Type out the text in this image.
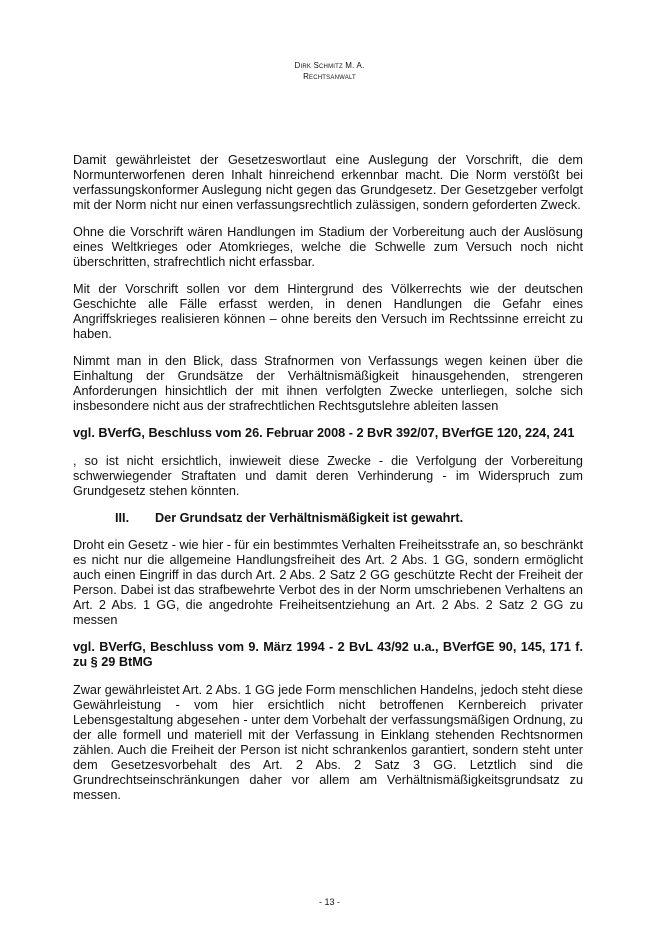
Dirk Schmitz M. A.
Rechtsanwalt

Damit gewährleistet der Gesetzeswortlaut eine Auslegung der Vorschrift, die dem Normunterworfenen deren Inhalt hinreichend erkennbar macht. Die Norm verstößt bei verfassungskonformer Auslegung nicht gegen das Grundgesetz. Der Gesetzgeber verfolgt mit der Norm nicht nur einen verfassungsrechtlich zulässigen, sondern geforderten Zweck.

Ohne die Vorschrift wären Handlungen im Stadium der Vorbereitung auch der Auslösung eines Weltkrieges oder Atomkrieges, welche die Schwelle zum Versuch noch nicht überschritten, strafrechtlich nicht erfassbar.

Mit der Vorschrift sollen vor dem Hintergrund des Völkerrechts wie der deutschen Geschichte alle Fälle erfasst werden, in denen Handlungen die Gefahr eines Angriffskrieges realisieren können – ohne bereits den Versuch im Rechtssinne erreicht zu haben.

Nimmt man in den Blick, dass Strafnormen von Verfassungs wegen keinen über die Einhaltung der Grundsätze der Verhältnismäßigkeit hinausgehenden, strengeren Anforderungen hinsichtlich der mit ihnen verfolgten Zwecke unterliegen, solche sich insbesondere nicht aus der strafrechtlichen Rechtsgutslehre ableiten lassen

vgl. BVerfG, Beschluss vom 26. Februar 2008 - 2 BvR 392/07, BVerfGE 120, 224, 241

, so ist nicht ersichtlich, inwieweit diese Zwecke - die Verfolgung der Vorbereitung schwerwiegender Straftaten und damit deren Verhinderung - im Widerspruch zum Grundgesetz stehen könnten.

III.	Der Grundsatz der Verhältnismäßigkeit ist gewahrt.

Droht ein Gesetz - wie hier - für ein bestimmtes Verhalten Freiheitsstrafe an, so beschränkt es nicht nur die allgemeine Handlungsfreiheit des Art. 2 Abs. 1 GG, sondern ermöglicht auch einen Eingriff in das durch Art. 2 Abs. 2 Satz 2 GG geschützte Recht der Freiheit der Person. Dabei ist das strafbewehrte Verbot des in der Norm umschriebenen Verhaltens an Art. 2 Abs. 1 GG, die angedrohte Freiheitsentziehung an Art. 2 Abs. 2 Satz 2 GG zu messen

vgl. BVerfG, Beschluss vom 9. März 1994 - 2 BvL 43/92 u.a., BVerfGE 90, 145, 171 f. zu § 29 BtMG

Zwar gewährleistet Art. 2 Abs. 1 GG jede Form menschlichen Handelns, jedoch steht diese Gewährleistung - vom hier ersichtlich nicht betroffenen Kernbereich privater Lebensgestaltung abgesehen - unter dem Vorbehalt der verfassungsmäßigen Ordnung, zu der alle formell und materiell mit der Verfassung in Einklang stehenden Rechtsnormen zählen. Auch die Freiheit der Person ist nicht schrankenlos garantiert, sondern steht unter dem Gesetzesvorbehalt des Art. 2 Abs. 2 Satz 3 GG. Letztlich sind die Grundrechtseinschränkungen daher vor allem am Verhältnismäßigkeitsgrundsatz zu messen.

- 13 -
